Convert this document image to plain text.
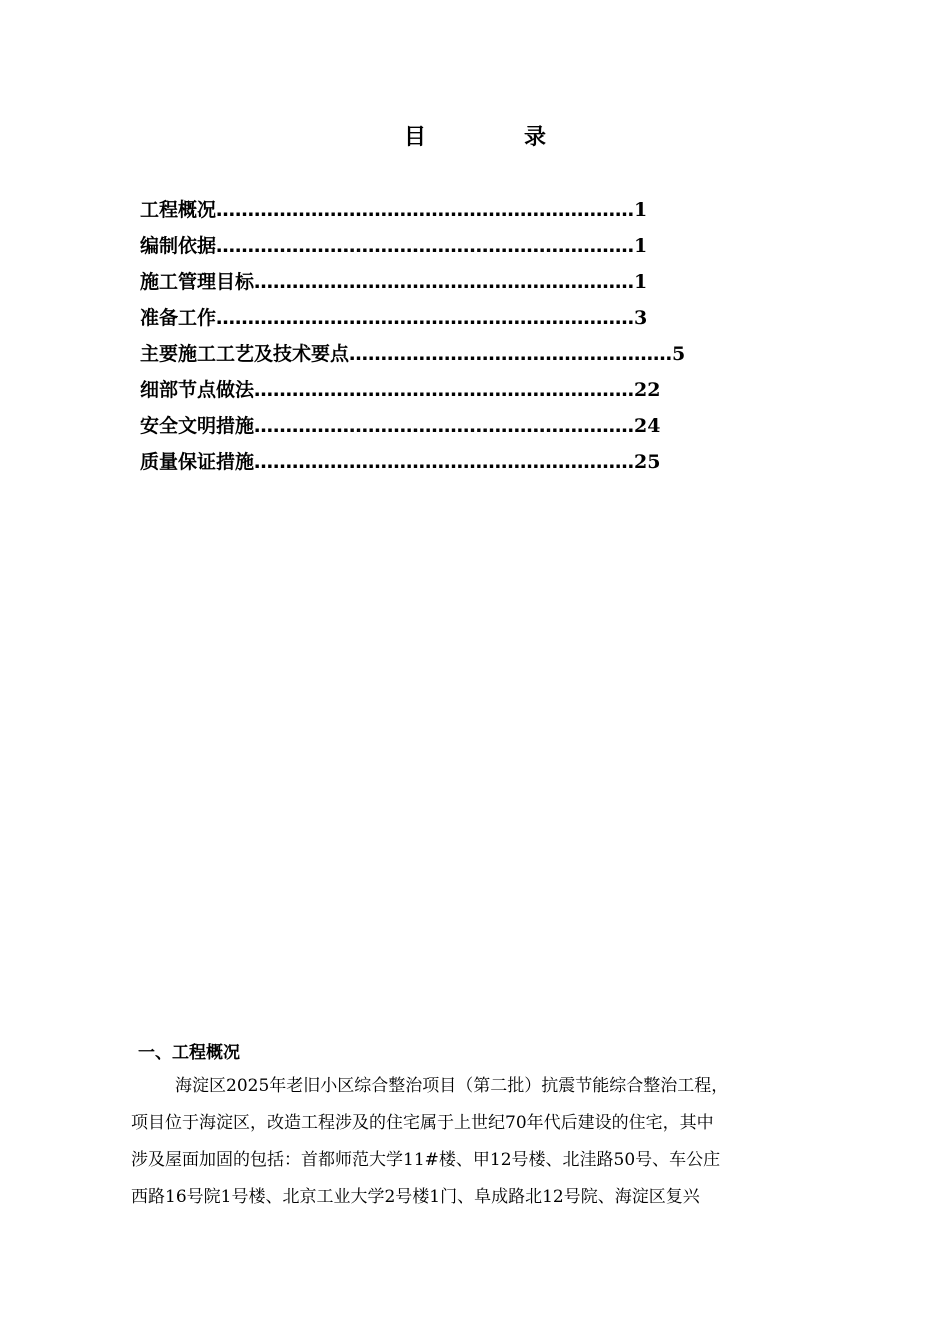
目　录
工程概况…………………………………………………………1
编制依据…………………………………………………………1
施工管理目标……………………………………………………1
准备工作…………………………………………………………3
主要施工工艺及技术要点……………………………………………5
细部节点做法……………………………………………………22
安全文明措施……………………………………………………24
质量保证措施……………………………………………………25
一、工程概况
海淀区2025年老旧小区综合整治项目（第二批）抗震节能综合整治工程，
项目位于海淀区，改造工程涉及的住宅属于上世纪70年代后建设的住宅，其中
涉及屋面加固的包括：首都师范大学11#楼、甲12号楼、北洼路50号、车公庄
西路16号院1号楼、北京工业大学2号楼1门、阜成路北12号院、海淀区复兴
